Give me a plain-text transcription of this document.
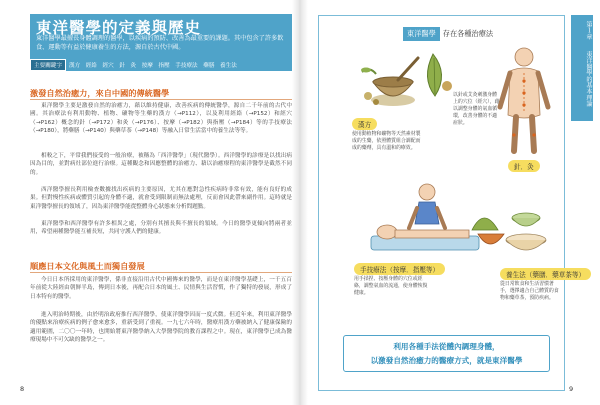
東洋醫學的定義與歷史
東洋醫學最擅長身體調理的醫學，以疾病的預防、改善為最重要的課題。其中包含了許多飲食、運動等有益於健康養生的方法，源自於古代中國。
主要關鍵字	漢方　經絡　經穴　針　灸　按摩　指壓　手技療法　藥膳　養生法
激發自然治癒力，來自中國的傳統醫學
東洋醫學主要是激發自然的治癒力，藉以維持健康，改善疾病的傳統醫學，源自二千年前的古代中國。其治療法有利用動物、植物、礦物等生藥的漢方（→P112），以及利用經絡（→P152）和經穴（→P162）概念的針（→P172）和灸（→P176）、按摩（→P182）與指壓（→P184）等的手技療法（→P180），將藥膳（→P140）與藥草茶（→P148）等融入日常生活當中的養生法等等。
相較之下，平常我們接受的一般治療，被稱為「西洋醫學」（現代醫學）。西洋醫學的診療是以找出病因為目的，並對病灶部位進行治療。這種觀念和因應整體的治癒力、藉以治癒療程的東洋醫學是截然不同的。
西洋醫學擅長利用檢查數據找出疾病的主要原因，尤其在應對急性疾病時非常有效，能有良好的成果。但對慢性疾病或體質引起的身體不適，就會受到限制而無法處理，反而會因此帶來副作用。這時就是東洋醫學擅長的領域了，因為東洋醫學能從整體身心狀態來分析問題點。
東洋醫學和西洋醫學有許多相異之處，分別有其擅長與不擅長的領域。今日的醫學更傾向將兩者並用，希望兩種醫學能互補長短，共同守護人們的健康。
順應日本文化與風土而獨自發展
今日日本所採用的東洋醫學，係非直接沿用古代中國傳來的醫學，而是在東洋醫學基礎上，一千五百年前從大陸經由朝鮮半島，傳到日本後，再配合日本的風土、民情與生活習慣，作了獨特的發展，形成了日本特有的醫學。
進入明治時期後，由於明治政府推行西洋醫學，使東洋醫學因而一度式微。但近年來，利用東洋醫學的優點來治療疾病的例子愈來愈多，重新受到了重視。一九七六年時，醫療用漢方藥被納入了健康保險的適用範圍，二〇〇一年時，也開始將東洋醫學納入大學醫學院的教育課程之中。現在，東洋醫學已成為醫療現場中不可欠缺的醫學之一。
8
東洋醫學 存在各種治療法	第１章
東洋醫學的基本理論
漢方
使用動植物和礦物等天然素材製成的生藥，依照體質組合調配而成的藥劑，具有溫和的療效。
以針或艾灸刺激身體上的穴位（經穴），藉以調整身體的氣血循環，改善身體的不適症狀。
針．灸
手技療法（按摩．指壓等）
用手揉捏、按壓身體的穴位或經絡，調整氣血的流通，使身體恢復健康。
養生法（藥膳．藥草茶等）
從日常飲食和生活習慣著手，選擇適合自己體質的食物和藥草茶，預防疾病。
利用各種手法從體內調理身體，
以激發自然治癒力的醫療方式，就是東洋醫學
9
